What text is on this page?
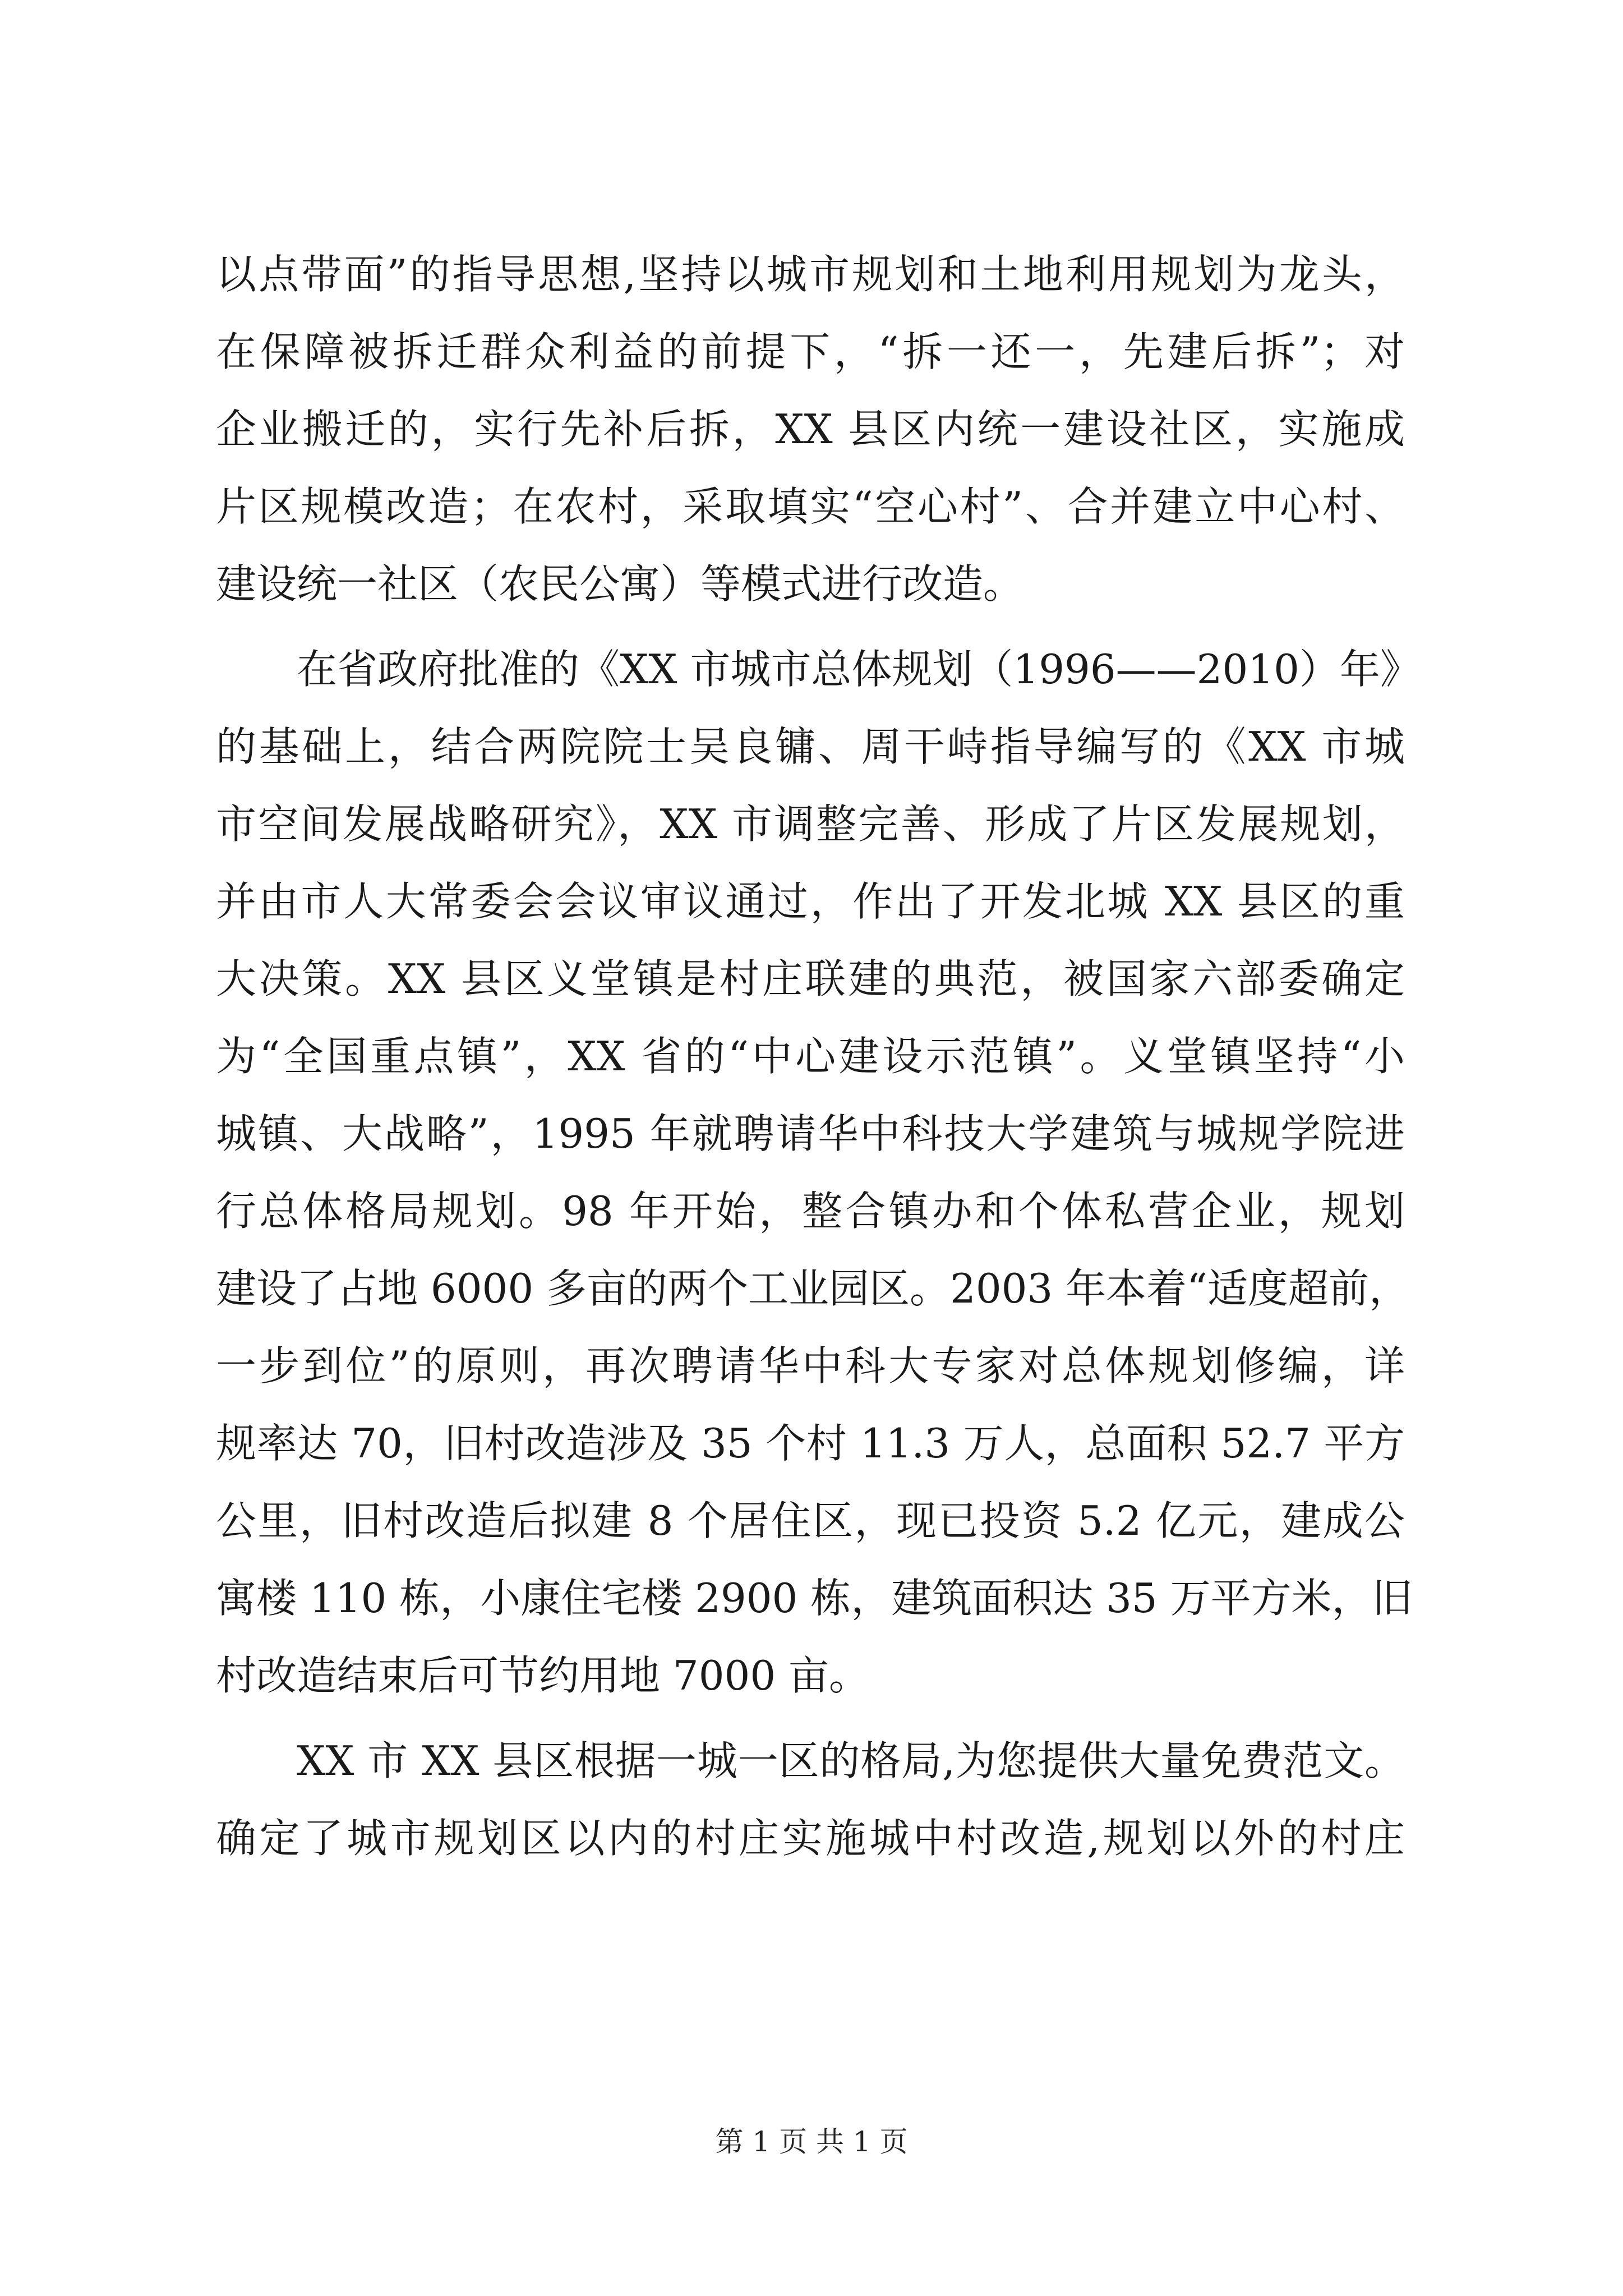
以点带面”的指导思想,坚持以城市规划和土地利用规划为龙头，
在保障被拆迁群众利益的前提下，“拆一还一，先建后拆”；对
企业搬迁的，实行先补后拆，XX 县区内统一建设社区，实施成
片区规模改造；在农村，采取填实“空心村”、合并建立中心村、
建设统一社区（农民公寓）等模式进行改造。
在省政府批准的《XX 市城市总体规划（1996——2010）年》
的基础上，结合两院院士吴良镛、周干峙指导编写的《XX 市城
市空间发展战略研究》，XX 市调整完善、形成了片区发展规划，
并由市人大常委会会议审议通过，作出了开发北城 XX 县区的重
大决策。XX 县区义堂镇是村庄联建的典范，被国家六部委确定
为“全国重点镇”，XX 省的“中心建设示范镇”。义堂镇坚持“小
城镇、大战略”，1995 年就聘请华中科技大学建筑与城规学院进
行总体格局规划。98 年开始，整合镇办和个体私营企业，规划
建设了占地 6000 多亩的两个工业园区。2003 年本着“适度超前，
一步到位”的原则，再次聘请华中科大专家对总体规划修编，详
规率达 70，旧村改造涉及 35 个村 11.3 万人，总面积 52.7 平方
公里，旧村改造后拟建 8 个居住区，现已投资 5.2 亿元，建成公
寓楼 110 栋，小康住宅楼 2900 栋，建筑面积达 35 万平方米，旧
村改造结束后可节约用地 7000 亩。
XX 市 XX 县区根据一城一区的格局,为您提供大量免费范文。
确定了城市规划区以内的村庄实施城中村改造,规划以外的村庄
第 1 页 共 1 页
